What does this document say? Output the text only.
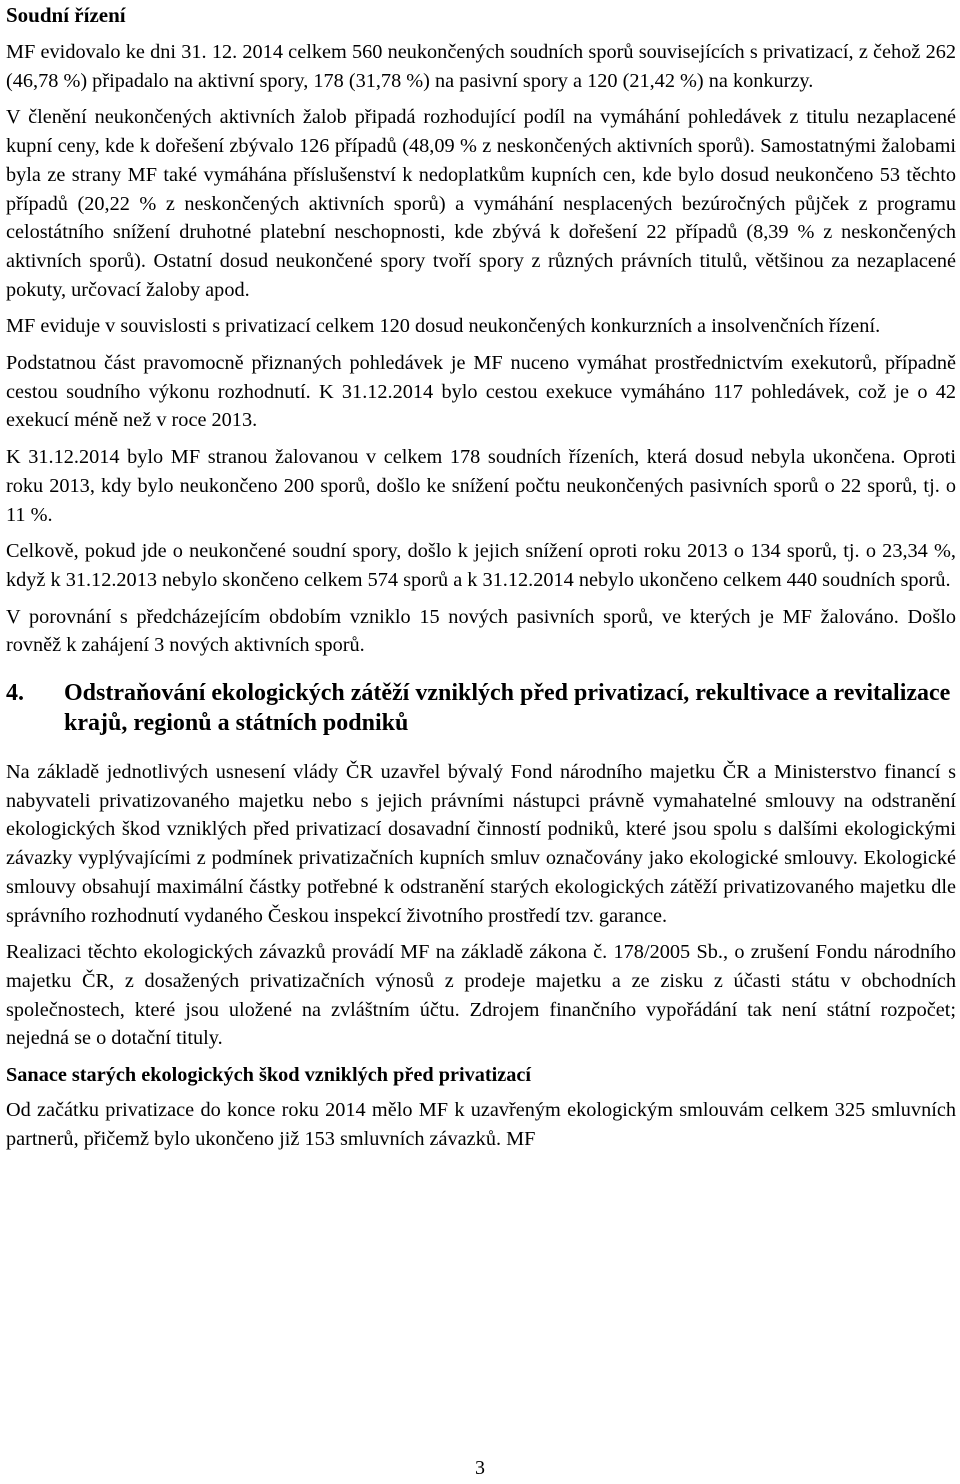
Soudní řízení

MF evidovalo ke dni 31. 12. 2014 celkem 560 neukončených soudních sporů souvisejících s privatizací, z čehož 262 (46,78 %) připadalo na aktivní spory, 178 (31,78 %) na pasivní spory a 120 (21,42 %) na konkurzy.

V členění neukončených aktivních žalob připadá rozhodující podíl na vymáhání pohledávek z titulu nezaplacené kupní ceny, kde k dořešení zbývalo 126 případů (48,09 % z neskončených aktivních sporů). Samostatnými žalobami byla ze strany MF také vymáhána příslušenství k nedoplatkům kupních cen, kde bylo dosud neukončeno 53 těchto případů (20,22 % z neskončených aktivních sporů) a vymáhání nesplacených bezúročných půjček z programu celostátního snížení druhotné platební neschopnosti, kde zbývá k dořešení 22 případů (8,39 % z neskončených aktivních sporů). Ostatní dosud neukončené spory tvoří spory z různých právních titulů, většinou za nezaplacené pokuty, určovací žaloby apod.

MF eviduje v souvislosti s privatizací celkem 120 dosud neukončených konkurzních a insolvenčních řízení.

Podstatnou část pravomocně přiznaných pohledávek je MF nuceno vymáhat prostřednictvím exekutorů, případně cestou soudního výkonu rozhodnutí. K 31.12.2014 bylo cestou exekuce vymáháno 117 pohledávek, což je o 42 exekucí méně než v roce 2013.

K 31.12.2014 bylo MF stranou žalovanou v celkem 178 soudních řízeních, která dosud nebyla ukončena. Oproti roku 2013, kdy bylo neukončeno 200 sporů, došlo ke snížení počtu neukončených pasivních sporů o 22 sporů, tj. o 11 %.

Celkově, pokud jde o neukončené soudní spory, došlo k jejich snížení oproti roku 2013 o 134 sporů, tj. o 23,34 %, když k 31.12.2013 nebylo skončeno celkem 574 sporů a k 31.12.2014 nebylo ukončeno celkem 440 soudních sporů.

V porovnání s předcházejícím obdobím vzniklo 15 nových pasivních sporů, ve kterých je MF žalováno. Došlo rovněž k zahájení 3 nových aktivních sporů.

4.	Odstraňování ekologických zátěží vzniklých před privatizací, rekultivace a revitalizace krajů, regionů a státních podniků

Na základě jednotlivých usnesení vlády ČR uzavřel bývalý Fond národního majetku ČR a Ministerstvo financí s nabyvateli privatizovaného majetku nebo s jejich právními nástupci právně vymahatelné smlouvy na odstranění ekologických škod vzniklých před privatizací dosavadní činností podniků, které jsou spolu s dalšími ekologickými závazky vyplývajícími z podmínek privatizačních kupních smluv označovány jako ekologické smlouvy. Ekologické smlouvy obsahují maximální částky potřebné k odstranění starých ekologických zátěží privatizovaného majetku dle správního rozhodnutí vydaného Českou inspekcí životního prostředí tzv. garance.

Realizaci těchto ekologických závazků provádí MF na základě zákona č. 178/2005 Sb., o zrušení Fondu národního majetku ČR, z dosažených privatizačních výnosů z prodeje majetku a ze zisku z účasti státu v obchodních společnostech, které jsou uložené na zvláštním účtu. Zdrojem finančního vypořádání tak není státní rozpočet; nejedná se o dotační tituly.

Sanace starých ekologických škod vzniklých před privatizací

Od začátku privatizace do konce roku 2014 mělo MF k uzavřeným ekologickým smlouvám celkem 325 smluvních partnerů, přičemž bylo ukončeno již 153 smluvních závazků. MF

3
